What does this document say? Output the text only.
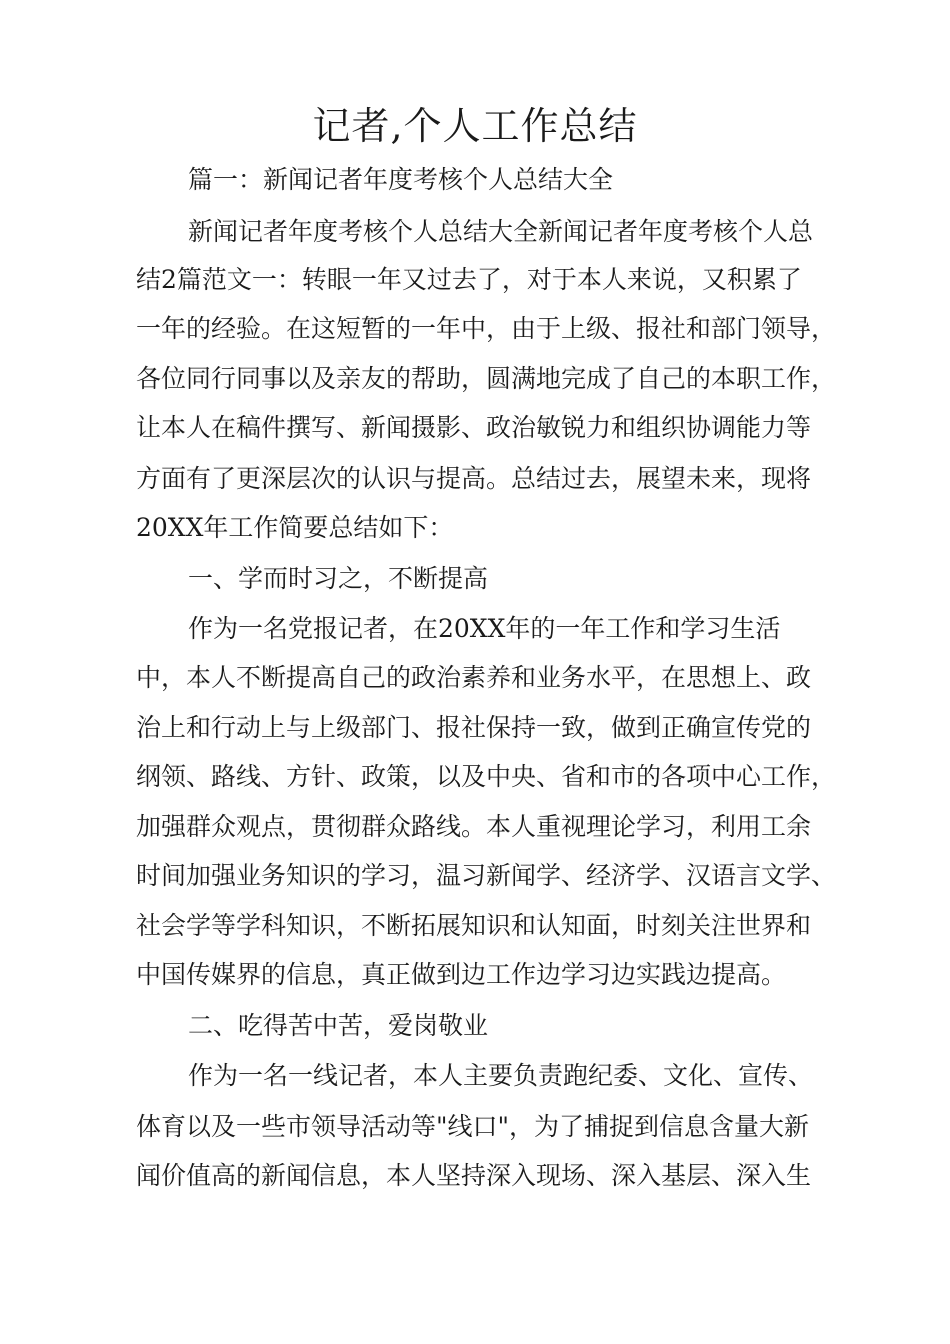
记者,个人工作总结
篇一：新闻记者年度考核个人总结大全
新闻记者年度考核个人总结大全新闻记者年度考核个人总
结2篇范文一：转眼一年又过去了，对于本人来说，又积累了
一年的经验。在这短暂的一年中，由于上级、报社和部门领导，
各位同行同事以及亲友的帮助，圆满地完成了自己的本职工作，
让本人在稿件撰写、新闻摄影、政治敏锐力和组织协调能力等
方面有了更深层次的认识与提高。总结过去，展望未来，现将
20XX年工作简要总结如下：
一、学而时习之，不断提高
作为一名党报记者，在20XX年的一年工作和学习生活
中，本人不断提高自己的政治素养和业务水平，在思想上、政
治上和行动上与上级部门、报社保持一致，做到正确宣传党的
纲领、路线、方针、政策，以及中央、省和市的各项中心工作，
加强群众观点，贯彻群众路线。本人重视理论学习，利用工余
时间加强业务知识的学习，温习新闻学、经济学、汉语言文学、
社会学等学科知识，不断拓展知识和认知面，时刻关注世界和
中国传媒界的信息，真正做到边工作边学习边实践边提高。
二、吃得苦中苦，爱岗敬业
作为一名一线记者，本人主要负责跑纪委、文化、宣传、
体育以及一些市领导活动等"线口"，为了捕捉到信息含量大新
闻价值高的新闻信息，本人坚持深入现场、深入基层、深入生
